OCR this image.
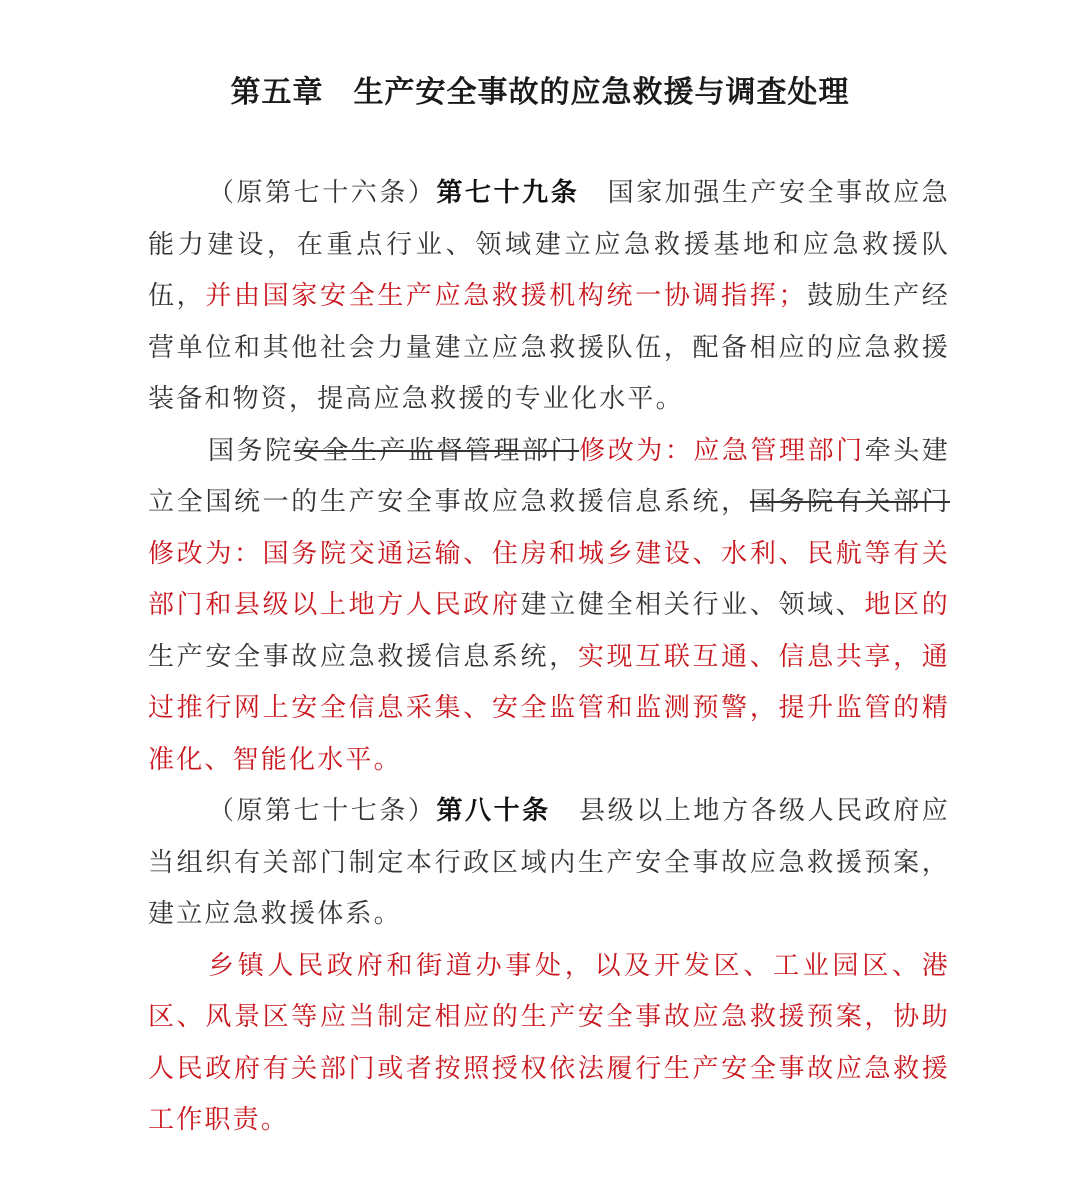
第五章 生产安全事故的应急救援与调查处理

（原第七十六条）第七十九条 国家加强生产安全事故应急能力建设，在重点行业、领域建立应急救援基地和应急救援队伍，并由国家安全生产应急救援机构统一协调指挥；鼓励生产经营单位和其他社会力量建立应急救援队伍，配备相应的应急救援装备和物资，提高应急救援的专业化水平。

国务院安全生产监督管理部门修改为：应急管理部门牵头建立全国统一的生产安全事故应急救援信息系统，国务院有关部门修改为：国务院交通运输、住房和城乡建设、水利、民航等有关部门和县级以上地方人民政府建立健全相关行业、领域、地区的生产安全事故应急救援信息系统，实现互联互通、信息共享，通过推行网上安全信息采集、安全监管和监测预警，提升监管的精准化、智能化水平。

（原第七十七条）第八十条 县级以上地方各级人民政府应当组织有关部门制定本行政区域内生产安全事故应急救援预案，建立应急救援体系。

乡镇人民政府和街道办事处，以及开发区、工业园区、港区、风景区等应当制定相应的生产安全事故应急救援预案，协助人民政府有关部门或者按照授权依法履行生产安全事故应急救援工作职责。
